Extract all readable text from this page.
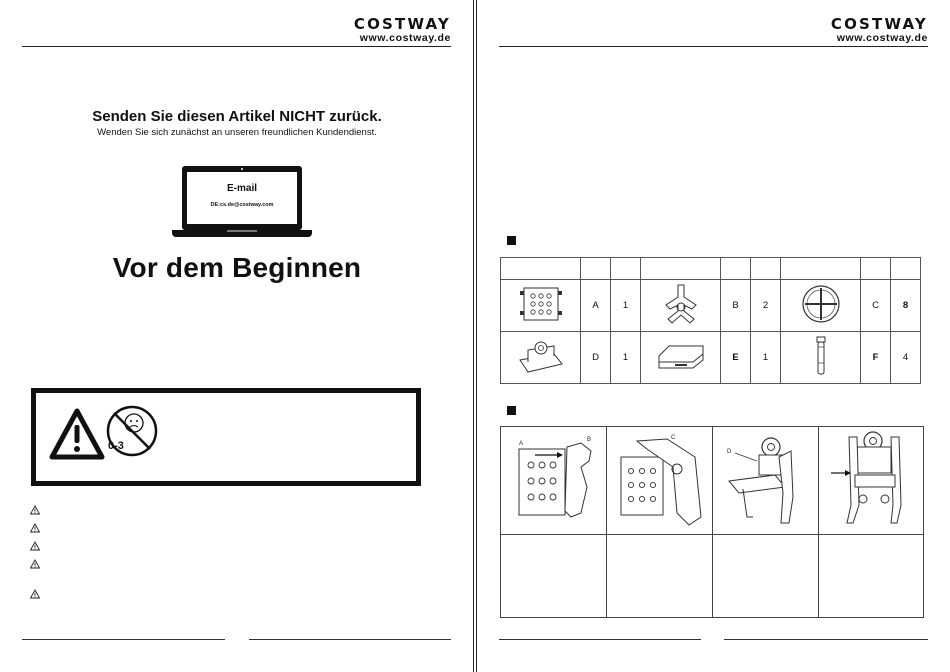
COSTWAY
www.costway.de
Senden Sie diesen Artikel NICHT zurück.
Wenden Sie sich zunächst an unseren freundlichen Kundendienst.
E-mail
DE:cs.de@costway.com
Vor dem Beginnen
0-3
COSTWAY
www.costway.de

	A	1		B	2		C	8
	D	1		E	1		F	4
A
B	C
D
